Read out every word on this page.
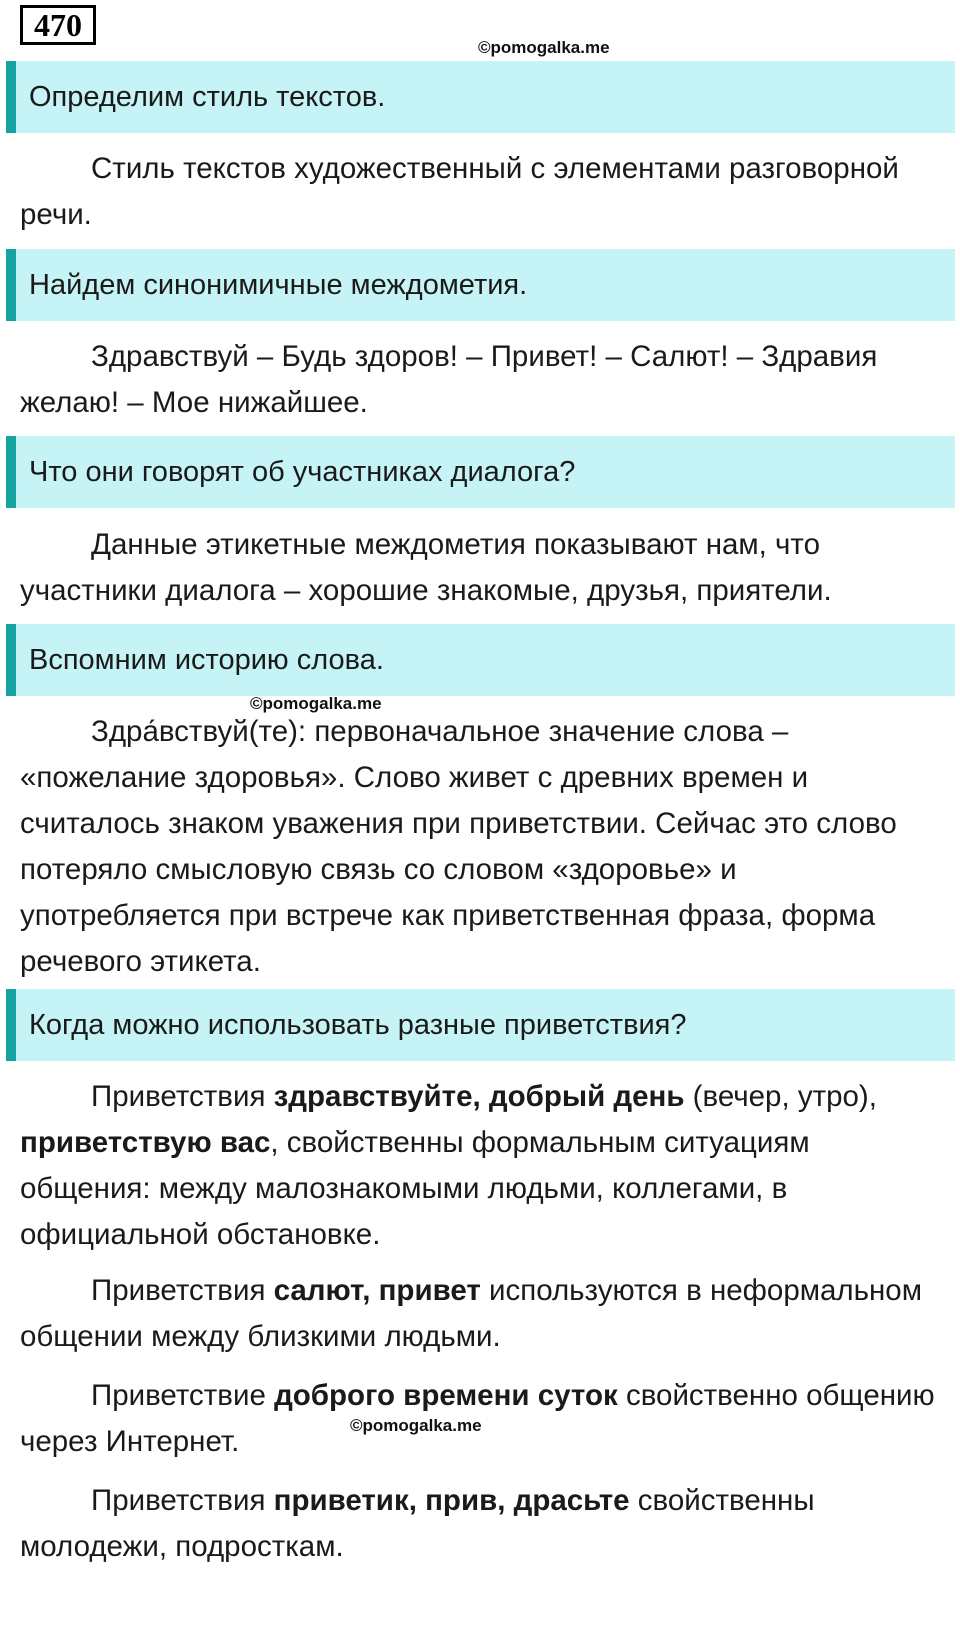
470
©pomogalka.me
Определим стиль текстов.
Стиль текстов художественный с элементами разговорной речи.
Найдем синонимичные междометия.
Здравствуй – Будь здоров! – Привет! – Салют! – Здравия желаю! – Мое нижайшее.
Что они говорят об участниках диалога?
Данные этикетные междометия показывают нам, что участники диалога – хорошие знакомые, друзья, приятели.
Вспомним историю слова.
©pomogalka.me
Здра́вствуй(те): первоначальное значение слова – «пожелание здоровья». Слово живет с древних времен и считалось знаком уважения при приветствии. Сейчас это слово потеряло смысловую связь со словом «здоровье» и употребляется при встрече как приветственная фраза, форма речевого этикета.
Когда можно использовать разные приветствия?
Приветствия здравствуйте, добрый день (вечер, утро), приветствую вас, свойственны формальным ситуациям общения: между малознакомыми людьми, коллегами, в официальной обстановке.
Приветствия салют, привет используются в неформальном общении между близкими людьми.
Приветствие доброго времени суток свойственно общению через Интернет.	©pomogalka.me
Приветствия приветик, прив, драсьте свойственны молодежи, подросткам.
